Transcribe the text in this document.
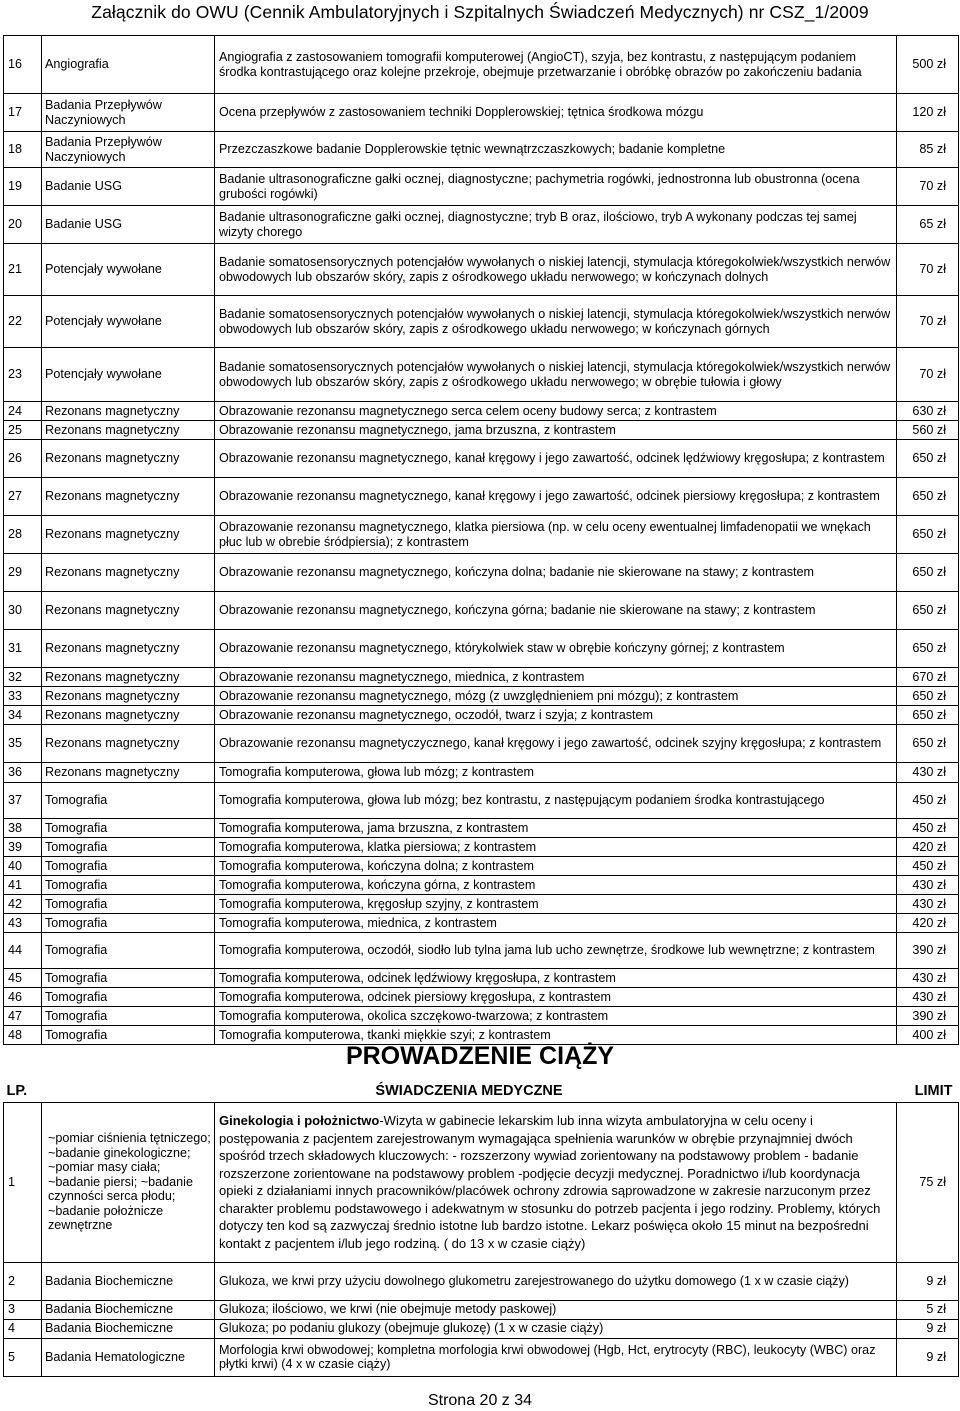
Załącznik do OWU (Cennik Ambulatoryjnych i Szpitalnych Świadczeń Medycznych) nr CSZ_1/2009
16	Angiografia	Angiografia z zastosowaniem tomografii komputerowej (AngioCT), szyja, bez kontrastu, z następującym podaniem środka kontrastującego oraz kolejne przekroje, obejmuje przetwarzanie i obróbkę obrazów po zakończeniu badania	500 zł
17	Badania Przepływów Naczyniowych	Ocena przepływów z zastosowaniem techniki Dopplerowskiej; tętnica środkowa mózgu	120 zł
18	Badania Przepływów Naczyniowych	Przezczaszkowe badanie Dopplerowskie tętnic wewnątrzczaszkowych; badanie kompletne	85 zł
19	Badanie USG	Badanie ultrasonograficzne gałki ocznej, diagnostyczne; pachymetria rogówki, jednostronna lub obustronna (ocena grubości rogówki)	70 zł
20	Badanie USG	Badanie ultrasonograficzne gałki ocznej, diagnostyczne; tryb B oraz, ilościowo, tryb A wykonany podczas tej samej wizyty chorego	65 zł
21	Potencjały wywołane	Badanie somatosensorycznych potencjałów wywołanych o niskiej latencji, stymulacja któregokolwiek/wszystkich nerwów obwodowych lub obszarów skóry, zapis z ośrodkowego układu nerwowego; w kończynach dolnych	70 zł
22	Potencjały wywołane	Badanie somatosensorycznych potencjałów wywołanych o niskiej latencji, stymulacja któregokolwiek/wszystkich nerwów obwodowych lub obszarów skóry, zapis z ośrodkowego układu nerwowego; w kończynach górnych	70 zł
23	Potencjały wywołane	Badanie somatosensorycznych potencjałów wywołanych o niskiej latencji, stymulacja któregokolwiek/wszystkich nerwów obwodowych lub obszarów skóry, zapis z ośrodkowego układu nerwowego; w obrębie tułowia i głowy	70 zł
24	Rezonans magnetyczny	Obrazowanie rezonansu magnetycznego serca celem oceny budowy serca; z kontrastem	630 zł
25	Rezonans magnetyczny	Obrazowanie rezonansu magnetycznego, jama brzuszna, z kontrastem	560 zł
26	Rezonans magnetyczny	Obrazowanie rezonansu magnetycznego, kanał kręgowy i jego zawartość, odcinek lędźwiowy kręgosłupa; z kontrastem	650 zł
27	Rezonans magnetyczny	Obrazowanie rezonansu magnetycznego, kanał kręgowy i jego zawartość, odcinek piersiowy kręgosłupa; z kontrastem	650 zł
28	Rezonans magnetyczny	Obrazowanie rezonansu magnetycznego, klatka piersiowa (np. w celu oceny ewentualnej limfadenopatii we wnękach płuc lub w obrebie śródpiersia); z kontrastem	650 zł
29	Rezonans magnetyczny	Obrazowanie rezonansu magnetycznego, kończyna dolna; badanie nie skierowane na stawy; z kontrastem	650 zł
30	Rezonans magnetyczny	Obrazowanie rezonansu magnetycznego, kończyna górna; badanie nie skierowane na stawy; z kontrastem	650 zł
31	Rezonans magnetyczny	Obrazowanie rezonansu magnetycznego, którykolwiek staw w obrębie kończyny górnej; z kontrastem	650 zł
32	Rezonans magnetyczny	Obrazowanie rezonansu magnetycznego, miednica, z kontrastem	670 zł
33	Rezonans magnetyczny	Obrazowanie rezonansu magnetycznego, mózg (z uwzględnieniem pni mózgu); z kontrastem	650 zł
34	Rezonans magnetyczny	Obrazowanie rezonansu magnetycznego, oczodół, twarz i szyja; z kontrastem	650 zł
35	Rezonans magnetyczny	Obrazowanie rezonansu magnetyczycznego, kanał kręgowy i jego zawartość, odcinek szyjny kręgosłupa; z kontrastem	650 zł
36	Rezonans magnetyczny	Tomografia komputerowa, głowa lub mózg; z kontrastem	430 zł
37	Tomografia	Tomografia komputerowa, głowa lub mózg; bez kontrastu, z następującym podaniem środka kontrastującego	450 zł
38	Tomografia	Tomografia komputerowa, jama brzuszna, z kontrastem	450 zł
39	Tomografia	Tomografia komputerowa, klatka piersiowa; z kontrastem	420 zł
40	Tomografia	Tomografia komputerowa, kończyna dolna; z kontrastem	450 zł
41	Tomografia	Tomografia komputerowa, kończyna górna, z kontrastem	430 zł
42	Tomografia	Tomografia komputerowa, kręgosłup szyjny, z kontrastem	430 zł
43	Tomografia	Tomografia komputerowa, miednica, z kontrastem	420 zł
44	Tomografia	Tomografia komputerowa, oczodół, siodło lub tylna jama lub ucho zewnętrze, środkowe lub wewnętrzne; z kontrastem	390 zł
45	Tomografia	Tomografia komputerowa, odcinek lędźwiowy kręgosłupa, z kontrastem	430 zł
46	Tomografia	Tomografia komputerowa, odcinek piersiowy kręgosłupa, z kontrastem	430 zł
47	Tomografia	Tomografia komputerowa, okolica szczękowo-twarzowa; z kontrastem	390 zł
48	Tomografia	Tomografia komputerowa, tkanki miękkie szyi; z kontrastem	400 zł
PROWADZENIE CIĄŻY
LP.	ŚWIADCZENIA MEDYCZNE		LIMIT
1	~pomiar ciśnienia tętniczego; ~badanie ginekologiczne; ~pomiar masy ciała; ~badanie piersi; ~badanie czynności serca płodu; ~badanie położnicze zewnętrzne	Ginekologia i położnictwo-Wizyta w gabinecie lekarskim lub inna wizyta ambulatoryjna w celu oceny i postępowania z pacjentem zarejestrowanym wymagająca spełnienia warunków w obrębie przynajmniej dwóch spośród trzech składowych kluczowych: - rozszerzony wywiad zorientowany na podstawowy problem - badanie rozszerzone zorientowane na podstawowy problem -podjęcie decyzji medycznej. Poradnictwo i/lub koordynacja opieki z działaniami innych pracowników/placówek ochrony zdrowia sąprowadzone w zakresie narzuconym przez charakter problemu podstawowego i adekwatnym w stosunku do potrzeb pacjenta i jego rodziny. Problemy, których dotyczy ten kod są zazwyczaj średnio istotne lub bardzo istotne. Lekarz poświęca około 15 minut na bezpośredni kontakt z pacjentem i/lub jego rodziną. ( do 13 x w czasie ciąży)	75 zł
2	Badania Biochemiczne	Glukoza, we krwi przy użyciu dowolnego glukometru zarejestrowanego do użytku domowego (1 x w czasie ciąży)	9 zł
3	Badania Biochemiczne	Glukoza; ilościowo, we krwi (nie obejmuje metody paskowej)	5 zł
4	Badania Biochemiczne	Glukoza; po podaniu glukozy (obejmuje glukozę) (1 x w czasie ciąży)	9 zł
5	Badania Hematologiczne	Morfologia krwi obwodowej; kompletna morfologia krwi obwodowej (Hgb, Hct, erytrocyty (RBC), leukocyty (WBC) oraz płytki krwi) (4 x w czasie ciąży)	9 zł
Strona 20 z 34
